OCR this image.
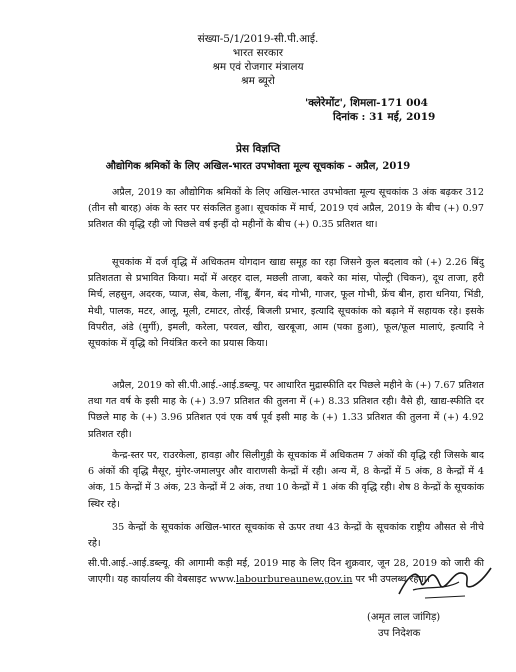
संख्या-5/1/2019-सी.पी.आई.
भारत सरकार
श्रम एवं रोजगार मंत्रालय
श्रम ब्यूरो
'क्लेरेमोंट', शिमला-171 004
दिनांक : 31 मई, 2019
प्रेस विज्ञप्ति
औद्योगिक श्रमिकों के लिए अखिल-भारत उपभोक्ता मूल्य सूचकांक - अप्रैल, 2019
अप्रैल, 2019 का औद्योगिक श्रमिकों के लिए अखिल-भारत उपभोक्ता मूल्य सूचकांक 3 अंक बढ़कर 312 (तीन सौ बारह) अंक के स्तर पर संकलित हुआ। सूचकांक में मार्च, 2019 एवं अप्रैल, 2019 के बीच (+) 0.97 प्रतिशत की वृद्धि रही जो पिछले वर्ष इन्हीं दो महीनों के बीच (+) 0.35 प्रतिशत था।
सूचकांक में दर्ज वृद्धि में अधिकतम योगदान खाद्य समूह का रहा जिसने कुल बदलाव को (+) 2.26 बिंदु प्रतिशतता से प्रभावित किया। मदों में अरहर दाल, मछली ताजा, बकरे का मांस, पोल्ट्री (चिकन), दूध ताजा, हरी मिर्च, लहसुन, अदरक, प्याज, सेब, केला, नींबू, बैंगन, बंद गोभी, गाजर, फूल गोभी, फ्रेंच बीन, हारा धनिया, भिंडी, मेथी, पालक, मटर, आलू, मूली, टमाटर, तोरई, बिजली प्रभार, इत्यादि सूचकांक को बढ़ाने में सहायक रहे। इसके विपरीत, अंडे (मुर्गी), इमली, करेला, परवल, खीरा, खरबूजा, आम (पका हुआ), फूल/फूल मालाएं, इत्यादि ने सूचकांक में वृद्धि को नियंत्रित करने का प्रयास किया।
अप्रैल, 2019 को सी.पी.आई.-आई.डब्ल्यू. पर आधारित मुद्रास्फीति दर पिछले महीने के (+) 7.67 प्रतिशत तथा गत वर्ष के इसी माह के (+) 3.97 प्रतिशत की तुलना में (+) 8.33 प्रतिशत रही। वैसे ही, खाद्य-स्फीति दर पिछले माह के (+) 3.96 प्रतिशत एवं एक वर्ष पूर्व इसी माह के (+) 1.33 प्रतिशत की तुलना में (+) 4.92 प्रतिशत रही।
केन्द्र-स्तर पर, राउरकेला, हावड़ा और सिलीगुड़ी के सूचकांक में अधिकतम 7 अंकों की वृद्धि रही जिसके बाद 6 अंकों की वृद्धि मैसूर, मुंगेर-जमालपुर और वाराणसी केन्द्रों में रही। अन्य में, 8 केन्द्रों में 5 अंक, 8 केन्द्रों में 4 अंक, 15 केन्द्रों में 3 अंक, 23 केन्द्रों में 2 अंक, तथा 10 केन्द्रों में 1 अंक की वृद्धि रही। शेष 8 केन्द्रों के सूचकांक स्थिर रहे।
35 केन्द्रों के सूचकांक अखिल-भारत सूचकांक से ऊपर तथा 43 केन्द्रों के सूचकांक राष्ट्रीय औसत से नीचे रहे।
सी.पी.आई.-आई.डब्ल्यू. की आगामी कड़ी मई, 2019 माह के लिए दिन शुक्रवार, जून 28, 2019 को जारी की जाएगी। यह कार्यालय की वेबसाइट www.labourbureaunew.gov.in पर भी उपलब्ध रहेगा।
(अमृत लाल जांगिड़)
उप निदेशक
